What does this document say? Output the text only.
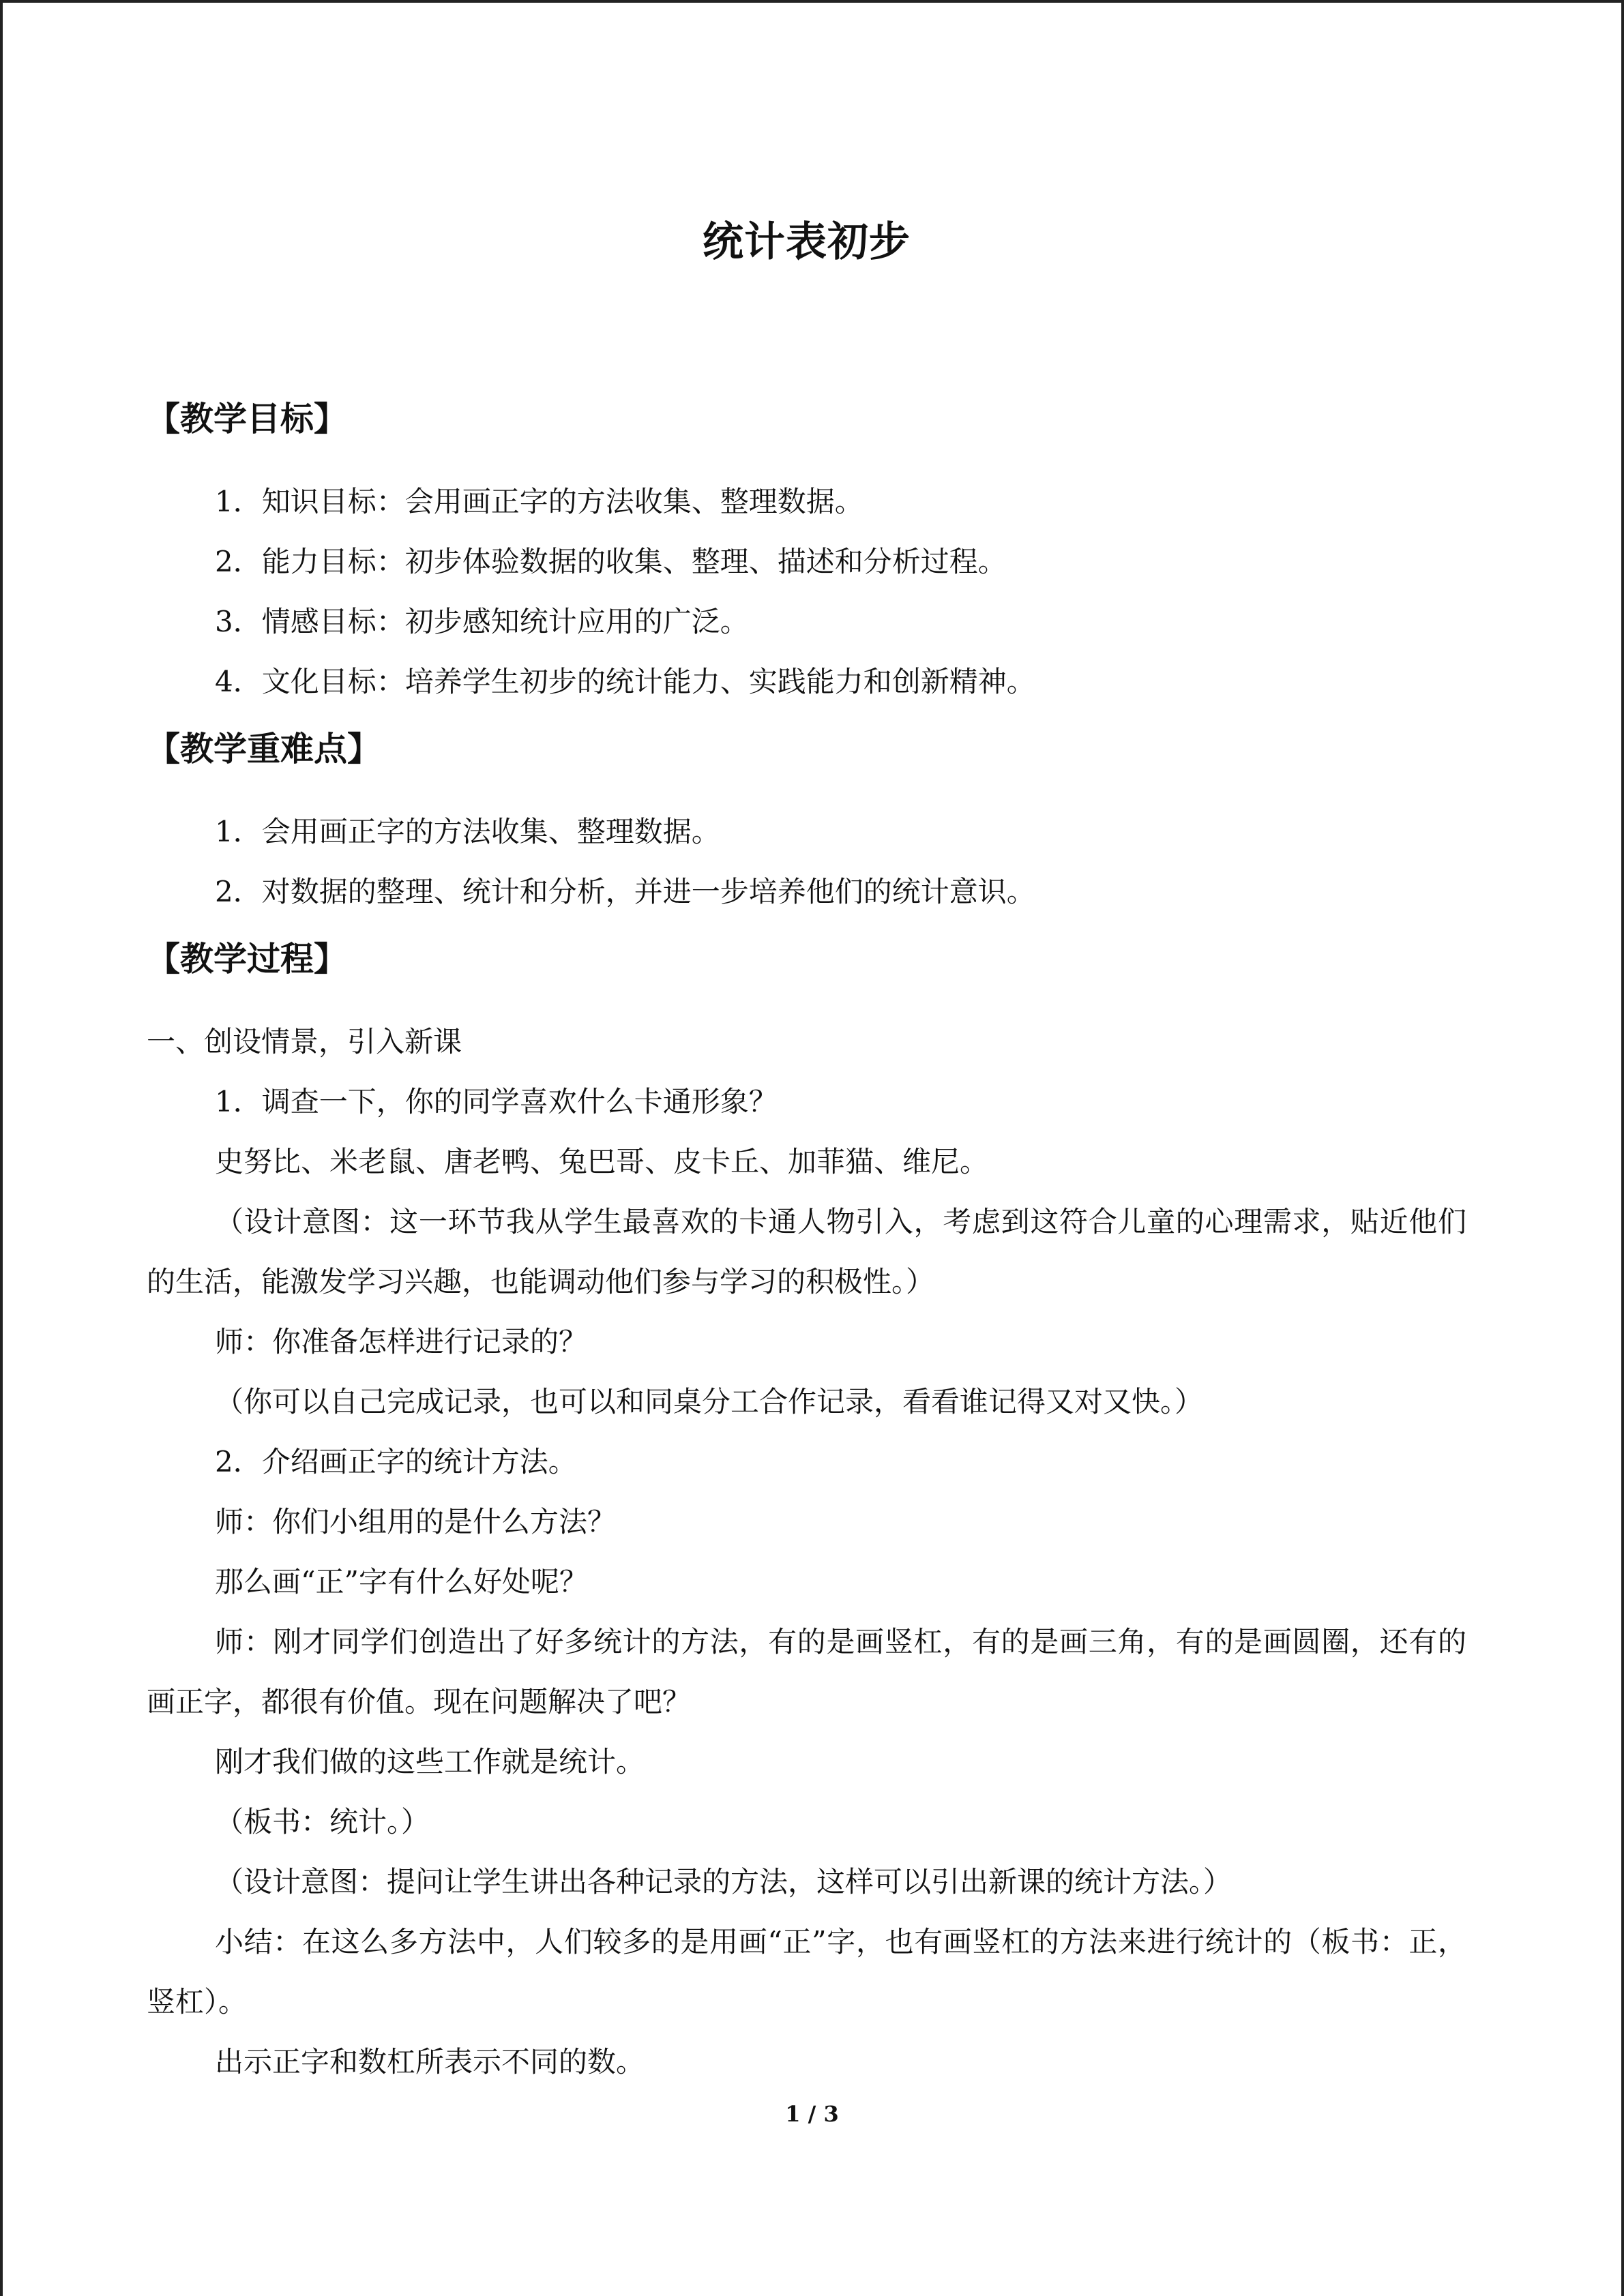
统计表初步
【教学目标】
1．知识目标：会用画正字的方法收集、整理数据。
2．能力目标：初步体验数据的收集、整理、描述和分析过程。
3．情感目标：初步感知统计应用的广泛。
4．文化目标：培养学生初步的统计能力、实践能力和创新精神。
【教学重难点】
1．会用画正字的方法收集、整理数据。
2．对数据的整理、统计和分析，并进一步培养他们的统计意识。
【教学过程】
一、创设情景，引入新课
1．调查一下，你的同学喜欢什么卡通形象？
史努比、米老鼠、唐老鸭、兔巴哥、皮卡丘、加菲猫、维尼。
（设计意图：这一环节我从学生最喜欢的卡通人物引入，考虑到这符合儿童的心理需求，贴近他们的生活，能激发学习兴趣，也能调动他们参与学习的积极性。）
师：你准备怎样进行记录的？
（你可以自己完成记录，也可以和同桌分工合作记录，看看谁记得又对又快。）
2．介绍画正字的统计方法。
师：你们小组用的是什么方法？
那么画“正”字有什么好处呢？
师：刚才同学们创造出了好多统计的方法，有的是画竖杠，有的是画三角，有的是画圆圈，还有的画正字，都很有价值。现在问题解决了吧？
刚才我们做的这些工作就是统计。
（板书：统计。）
（设计意图：提问让学生讲出各种记录的方法，这样可以引出新课的统计方法。）
小结：在这么多方法中，人们较多的是用画“正”字，也有画竖杠的方法来进行统计的（板书：正，竖杠）。
出示正字和数杠所表示不同的数。
1 / 3
